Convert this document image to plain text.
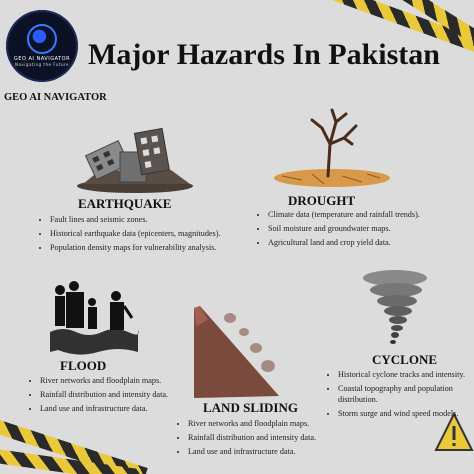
GEO AI NAVIGATOR
Navigating the Future Major Hazards In Pakistan
GEO AI NAVIGATOR
EARTHQUAKE
• Fault lines and seismic zones.
• Historical earthquake data (epicenters, magnitudes).
• Population density maps for vulnerability analysis.
DROUGHT
• Climate data (temperature and rainfall trends).
• Soil moisture and groundwater maps.
• Agricultural land and crop yield data.
FLOOD
• River networks and floodplain maps.
• Rainfall distribution and intensity data.
• Land use and infrastructure data.	LAND SLIDING
• River networks and floodplain maps.
• Rainfall distribution and intensity data.
• Land use and infrastructure data.
CYCLONE
• Historical cyclone tracks and intensity.
• Coastal topography and population distribution.
• Storm surge and wind speed models.
